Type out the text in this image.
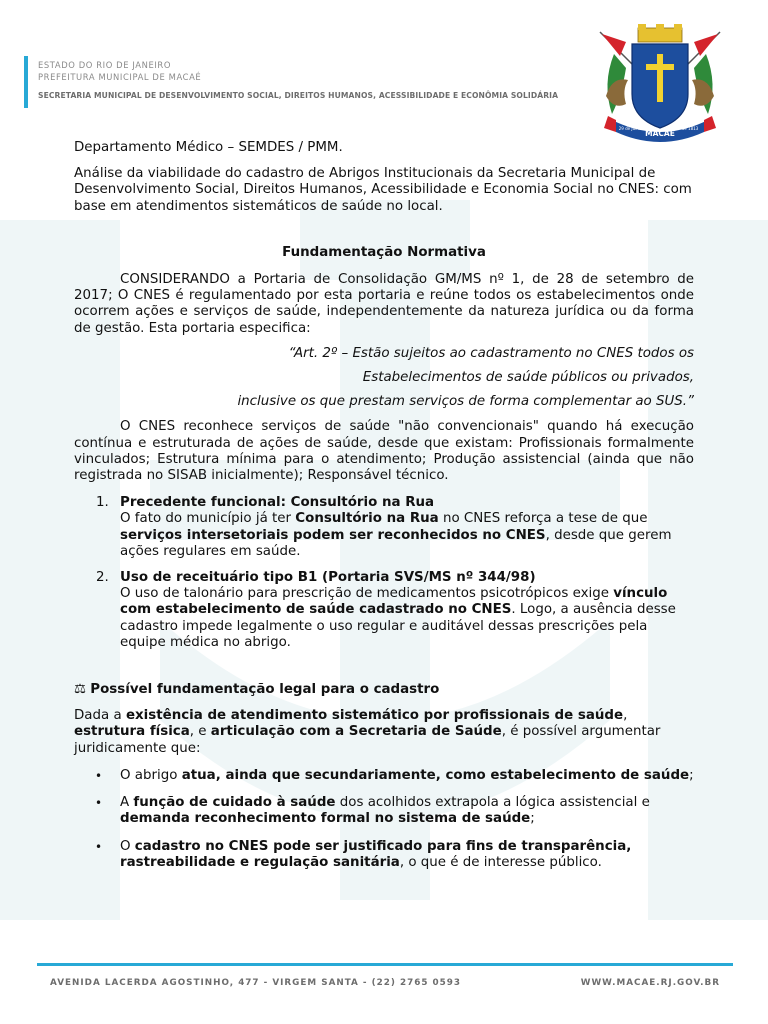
ESTADO DO RIO DE JANEIRO
PREFEITURA MUNICIPAL DE MACAÉ
SECRETARIA MUNICIPAL DE DESENVOLVIMENTO SOCIAL, DIREITOS HUMANOS, ACESSIBILIDADE E ECONÔMIA SOLIDÁRIA
MACAÉ
29 de Julho	de 1813

Departamento Médico – SEMDES / PMM.

Análise da viabilidade do cadastro de Abrigos Institucionais da Secretaria Municipal de Desenvolvimento Social, Direitos Humanos, Acessibilidade e Economia Social no CNES: com base em atendimentos sistemáticos de saúde no local.

Fundamentação Normativa

CONSIDERANDO a Portaria de Consolidação GM/MS nº 1, de 28 de setembro de 2017; O CNES é regulamentado por esta portaria e reúne todos os estabelecimentos onde ocorrem ações e serviços de saúde, independentemente da natureza jurídica ou da forma de gestão. Esta portaria especifica:

“Art. 2º – Estão sujeitos ao cadastramento no CNES todos os

Estabelecimentos de saúde públicos ou privados,

inclusive os que prestam serviços de forma complementar ao SUS.”

O CNES reconhece serviços de saúde "não convencionais" quando há execução contínua e estruturada de ações de saúde, desde que existam: Profissionais formalmente vinculados; Estrutura mínima para o atendimento; Produção assistencial (ainda que não registrada no SISAB inicialmente); Responsável técnico.

1. Precedente funcional: Consultório na Rua
O fato do município já ter Consultório na Rua no CNES reforça a tese de que serviços intersetoriais podem ser reconhecidos no CNES, desde que gerem ações regulares em saúde.
2. Uso de receituário tipo B1 (Portaria SVS/MS nº 344/98)
O uso de talonário para prescrição de medicamentos psicotrópicos exige vínculo com estabelecimento de saúde cadastrado no CNES. Logo, a ausência desse cadastro impede legalmente o uso regular e auditável dessas prescrições pela equipe médica no abrigo.

⚖ Possível fundamentação legal para o cadastro

Dada a existência de atendimento sistemático por profissionais de saúde, estrutura física, e articulação com a Secretaria de Saúde, é possível argumentar juridicamente que:

• O abrigo atua, ainda que secundariamente, como estabelecimento de saúde;
• A função de cuidado à saúde dos acolhidos extrapola a lógica assistencial e demanda reconhecimento formal no sistema de saúde;
• O cadastro no CNES pode ser justificado para fins de transparência, rastreabilidade e regulação sanitária, o que é de interesse público.
AVENIDA LACERDA AGOSTINHO, 477 - VIRGEM SANTA - (22) 2765 0593	WWW.MACAE.RJ.GOV.BR
